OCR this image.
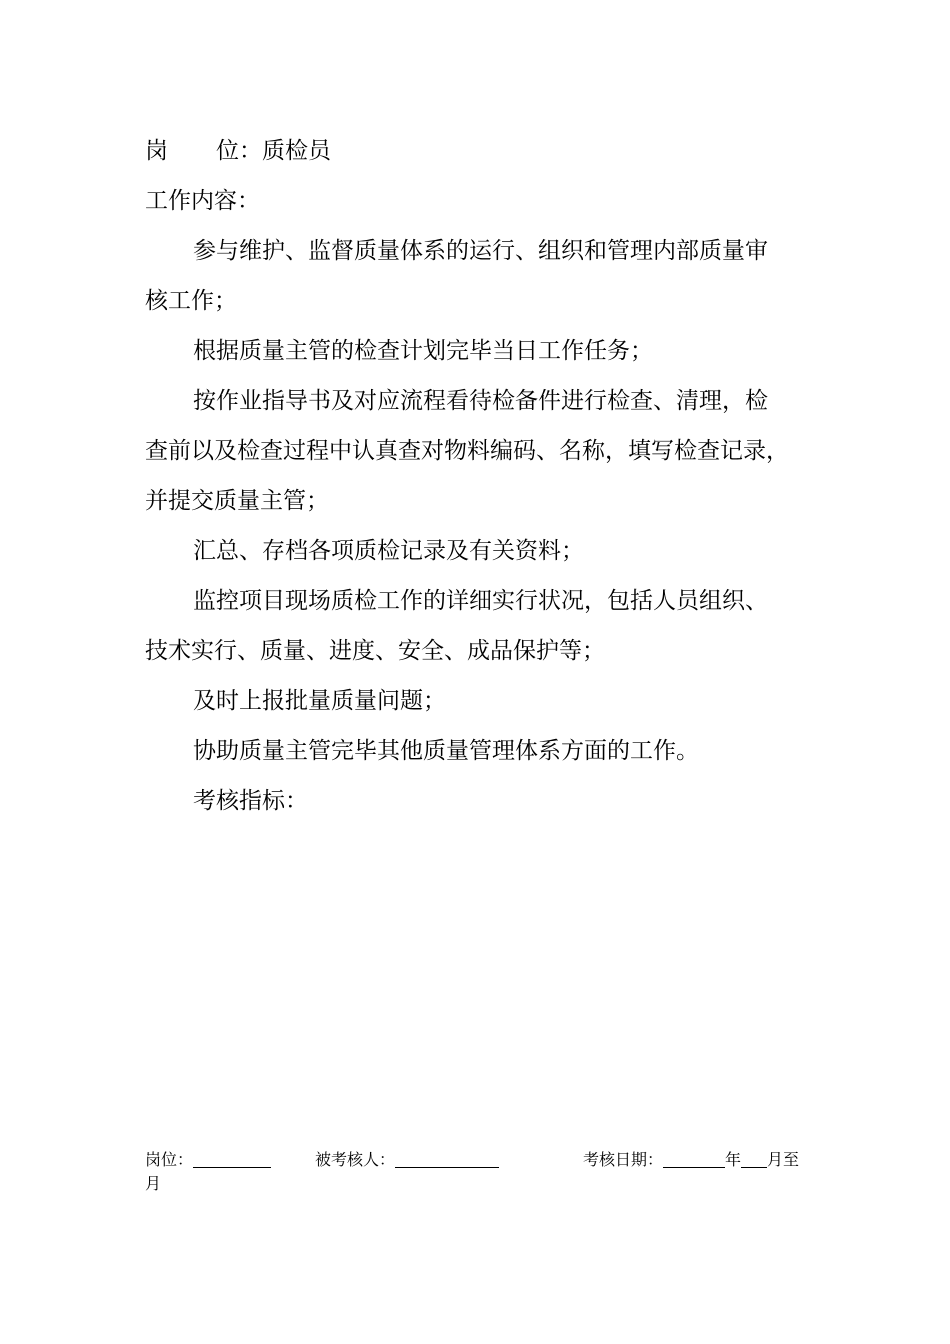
岗 位：质检员
工作内容：
参与维护、监督质量体系的运行、组织和管理内部质量审
核工作；
根据质量主管的检查计划完毕当日工作任务；
按作业指导书及对应流程看待检备件进行检查、清理，检
查前以及检查过程中认真查对物料编码、名称，填写检查记录，
并提交质量主管；
汇总、存档各项质检记录及有关资料；
监控项目现场质检工作的详细实行状况，包括人员组织、
技术实行、质量、进度、安全、成品保护等；
及时上报批量质量问题；
协助质量主管完毕其他质量管理体系方面的工作。
考核指标：
岗位：	被考核人：	考核日期：	年 月至
月
